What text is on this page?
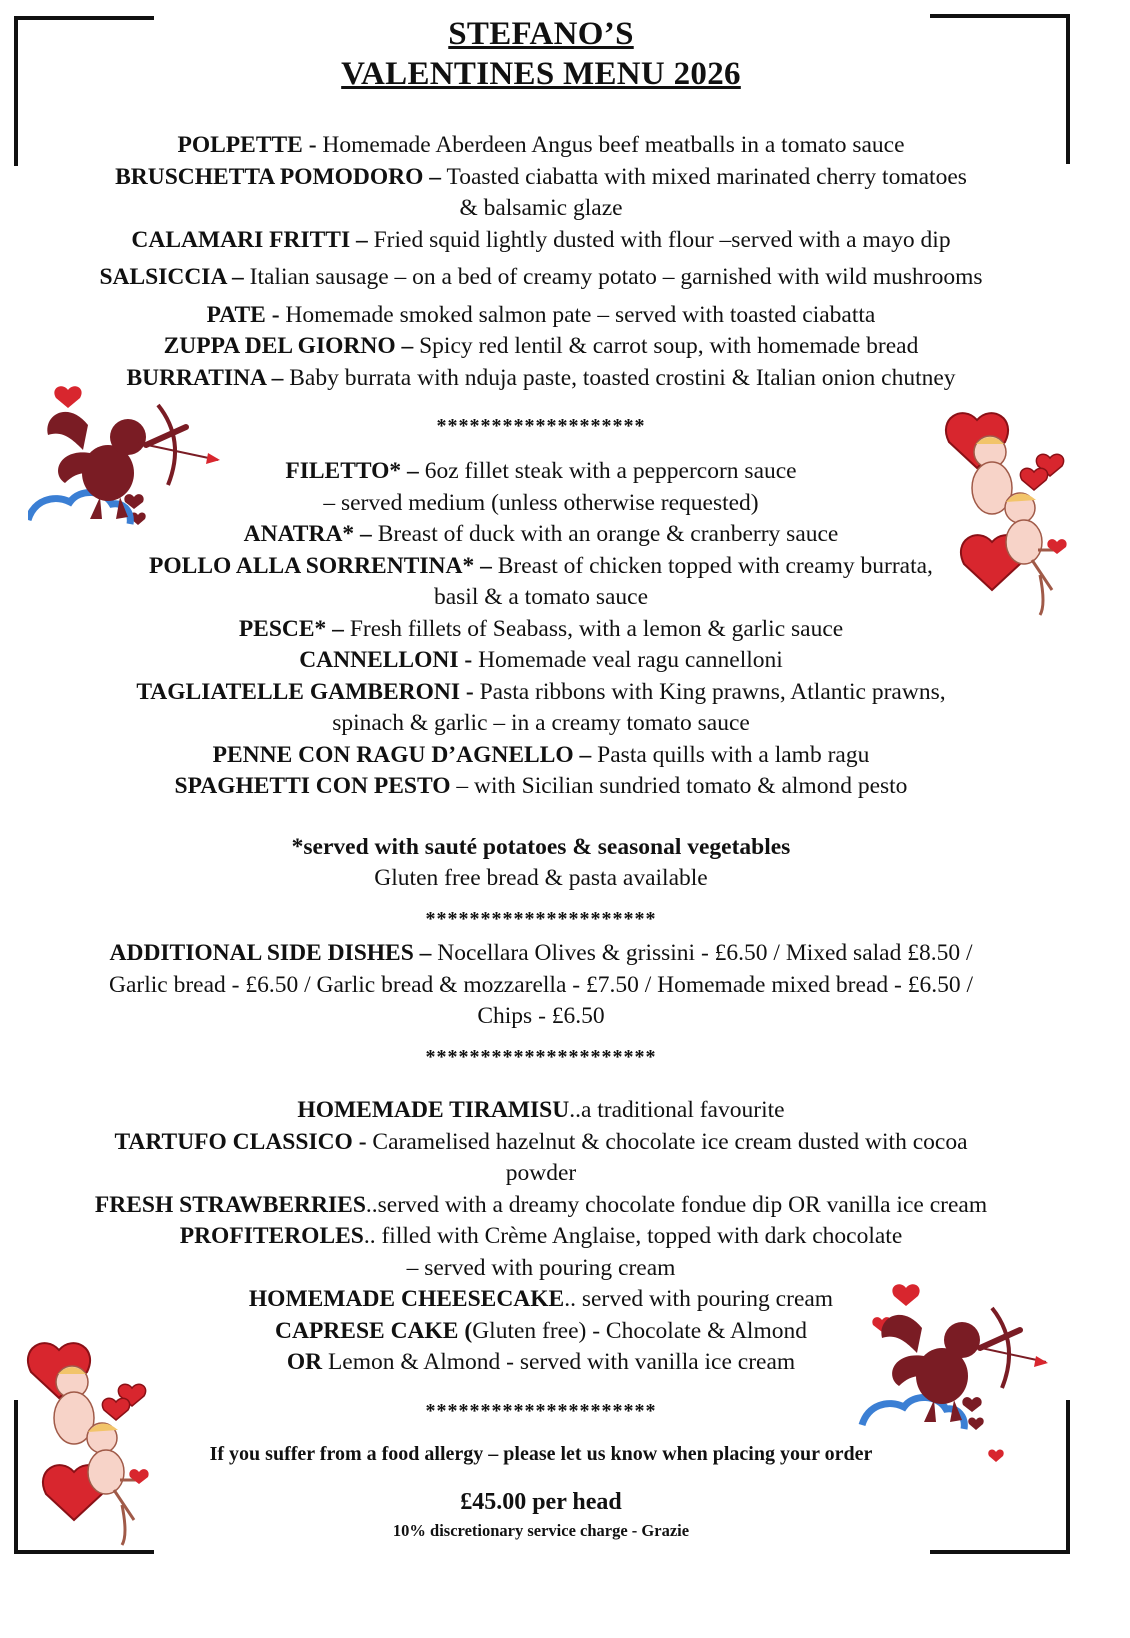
STEFANO’S
VALENTINES MENU 2026
POLPETTE - Homemade Aberdeen Angus beef meatballs in a tomato sauce
BRUSCHETTA POMODORO – Toasted ciabatta with mixed marinated cherry tomatoes
& balsamic glaze
CALAMARI FRITTI – Fried squid lightly dusted with flour –served with a mayo dip
SALSICCIA – Italian sausage – on a bed of creamy potato – garnished with wild mushrooms
PATE - Homemade smoked salmon pate – served with toasted ciabatta
ZUPPA DEL GIORNO – Spicy red lentil & carrot soup, with homemade bread
BURRATINA – Baby burrata with nduja paste, toasted crostini & Italian onion chutney
*******************
FILETTO* – 6oz fillet steak with a peppercorn sauce
– served medium (unless otherwise requested)
ANATRA* – Breast of duck with an orange & cranberry sauce
POLLO ALLA SORRENTINA* – Breast of chicken topped with creamy burrata,
basil & a tomato sauce
PESCE* – Fresh fillets of Seabass, with a lemon & garlic sauce
CANNELLONI - Homemade veal ragu cannelloni
TAGLIATELLE GAMBERONI - Pasta ribbons with King prawns, Atlantic prawns,
spinach & garlic – in a creamy tomato sauce
PENNE CON RAGU D’AGNELLO – Pasta quills with a lamb ragu
SPAGHETTI CON PESTO – with Sicilian sundried tomato & almond pesto
*served with sauté potatoes & seasonal vegetables
Gluten free bread & pasta available
*********************
ADDITIONAL SIDE DISHES – Nocellara Olives & grissini - £6.50 / Mixed salad £8.50 /
Garlic bread - £6.50 / Garlic bread & mozzarella - £7.50 / Homemade mixed bread - £6.50 /
Chips - £6.50
*********************
HOMEMADE TIRAMISU..a traditional favourite
TARTUFO CLASSICO - Caramelised hazelnut & chocolate ice cream dusted with cocoa
powder
FRESH STRAWBERRIES..served with a dreamy chocolate fondue dip OR vanilla ice cream
PROFITEROLES.. filled with Crème Anglaise, topped with dark chocolate
– served with pouring cream
HOMEMADE CHEESECAKE.. served with pouring cream
CAPRESE CAKE (Gluten free) - Chocolate & Almond
OR Lemon & Almond - served with vanilla ice cream
*********************
If you suffer from a food allergy – please let us know when placing your order
£45.00 per head
10% discretionary service charge - Grazie
